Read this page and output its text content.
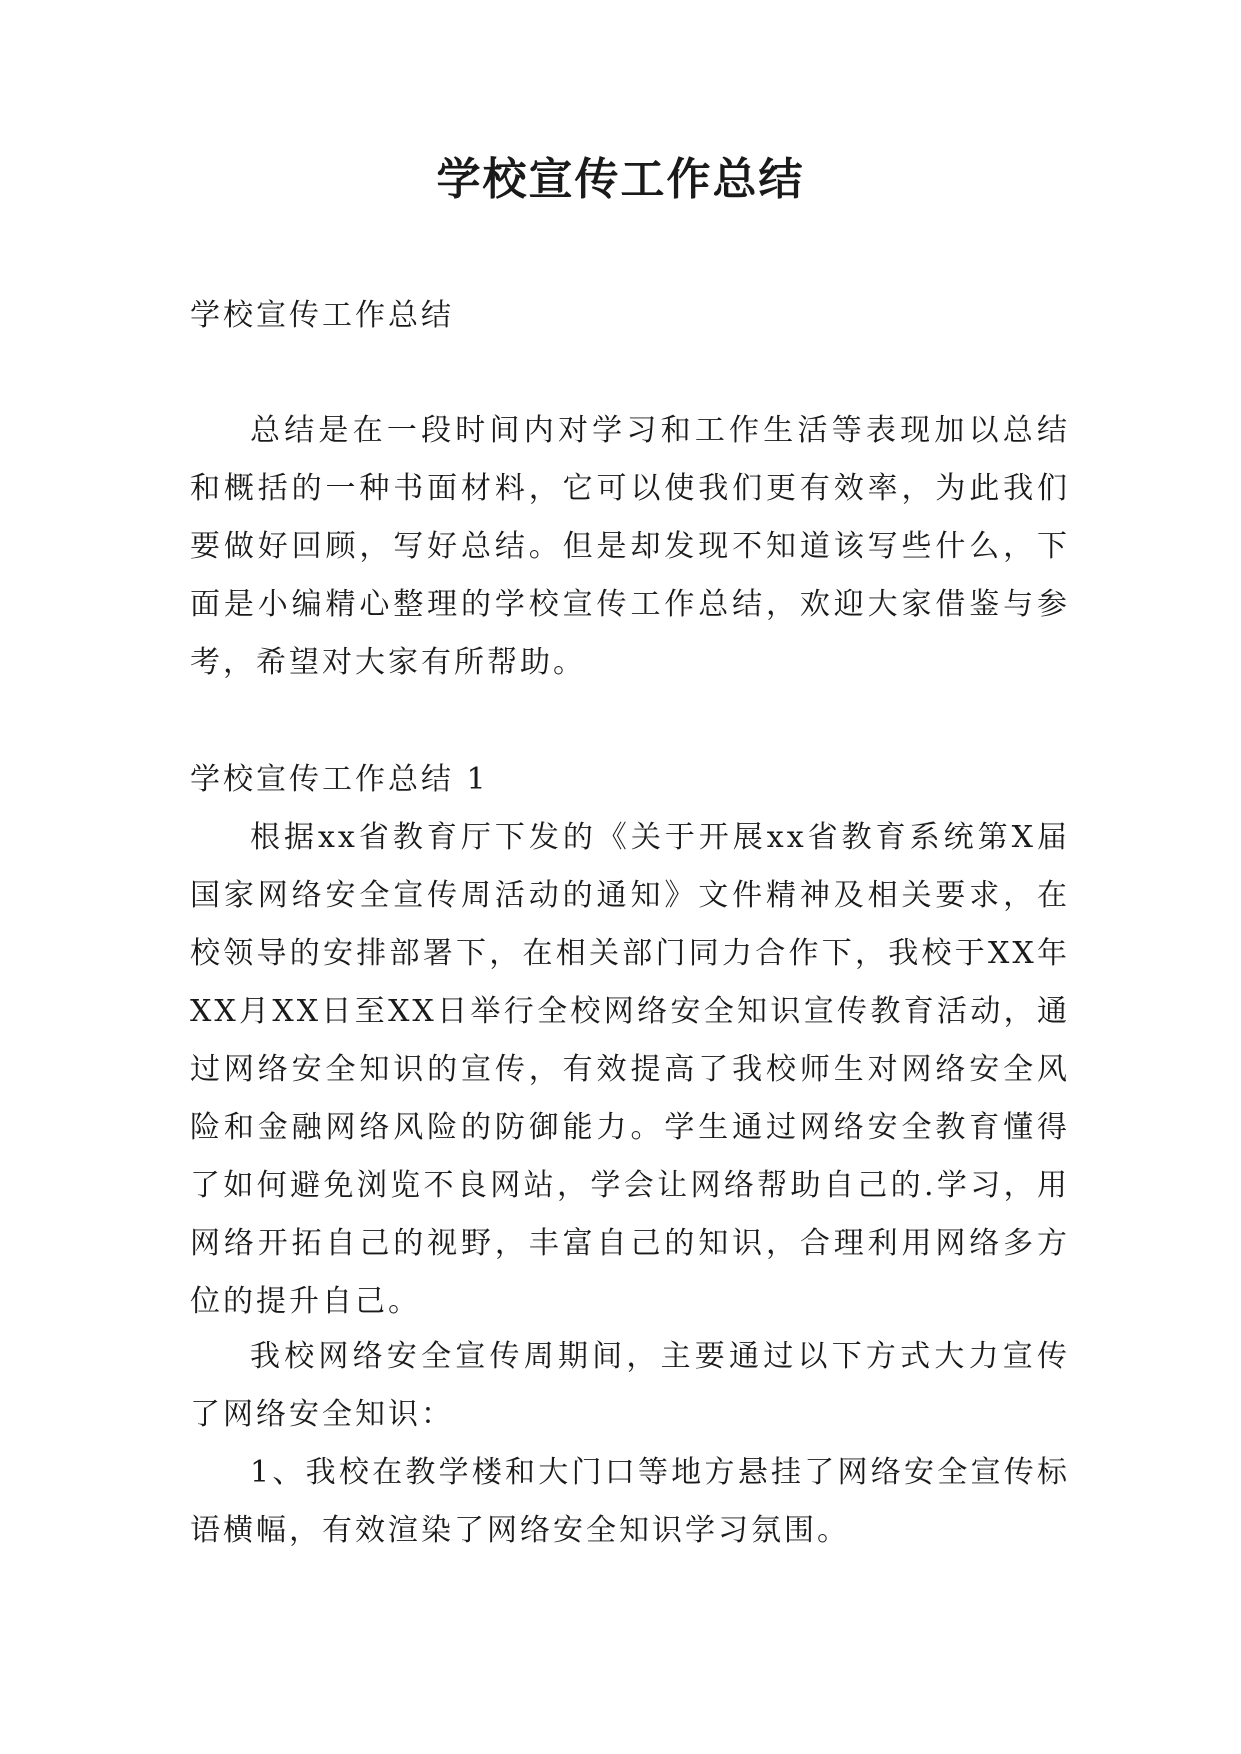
学校宣传工作总结

学校宣传工作总结

总结是在一段时间内对学习和工作生活等表现加以总结和概括的一种书面材料，它可以使我们更有效率，为此我们要做好回顾，写好总结。但是却发现不知道该写些什么，下面是小编精心整理的学校宣传工作总结，欢迎大家借鉴与参考，希望对大家有所帮助。

学校宣传工作总结 1

根据xx省教育厅下发的《关于开展xx省教育系统第X届国家网络安全宣传周活动的通知》文件精神及相关要求，在校领导的安排部署下，在相关部门同力合作下，我校于XX年XX月XX日至XX日举行全校网络安全知识宣传教育活动，通过网络安全知识的宣传，有效提高了我校师生对网络安全风险和金融网络风险的防御能力。学生通过网络安全教育懂得了如何避免浏览不良网站，学会让网络帮助自己的.学习，用网络开拓自己的视野，丰富自己的知识，合理利用网络多方位的提升自己。

我校网络安全宣传周期间，主要通过以下方式大力宣传了网络安全知识：

1、我校在教学楼和大门口等地方悬挂了网络安全宣传标语横幅，有效渲染了网络安全知识学习氛围。
